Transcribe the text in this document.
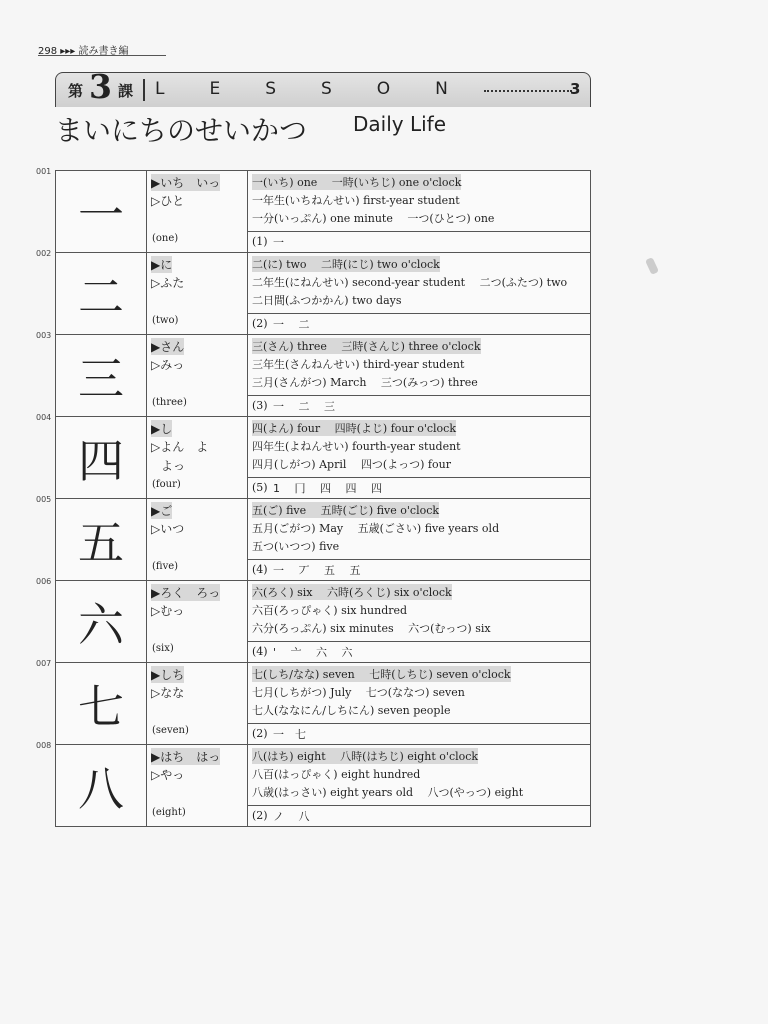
298 ▸▸▸ 読み書き編
第 3 課 LESSON	3
まいにちのせいかつ Daily Life
001
一
▶いち　いっ
▷ひと
(one)
一(いち) one　 一時(いちじ) one o'clock
一年生(いちねんせい) first-year student
一分(いっぷん) one minute　 一つ(ひとつ) one
(1) 一
002
二
▶に
▷ふた
(two)
二(に) two　 二時(にじ) two o'clock
二年生(にねんせい) second-year student　 二つ(ふたつ) two
二日間(ふつかかん) two days
(2) 一　 二
003
三
▶さん
▷みっ
(three)
三(さん) three　 三時(さんじ) three o'clock
三年生(さんねんせい) third-year student
三月(さんがつ) March　 三つ(みっつ) three
(3) 一　 二　 三
004
四
▶し
▷よん　よ
よっ
(four)
四(よん) four　 四時(よじ) four o'clock
四年生(よねんせい) fourth-year student
四月(しがつ) April　 四つ(よっつ) four
(5) 1　 冂　 四　 四　 四
005
五
▶ご
▷いつ
(five)
五(ご) five　 五時(ごじ) five o'clock
五月(ごがつ) May　 五歳(ごさい) five years old
五つ(いつつ) five
(4) 一　 丆　 五　 五
006
六
▶ろく　ろっ
▷むっ
(six)
六(ろく) six　 六時(ろくじ) six o'clock
六百(ろっぴゃく) six hundred
六分(ろっぷん) six minutes　 六つ(むっつ) six
(4) '　 亠　 六　 六
007
七
▶しち
▷なな
(seven)
七(しち/なな) seven　 七時(しちじ) seven o'clock
七月(しちがつ) July　 七つ(ななつ) seven
七人(ななにん/しちにん) seven people
(2) 一　七
008
八
▶はち　はっ
▷やっ
(eight)
八(はち) eight　 八時(はちじ) eight o'clock
八百(はっぴゃく) eight hundred
八歳(はっさい) eight years old　 八つ(やっつ) eight
(2) ノ　 八
